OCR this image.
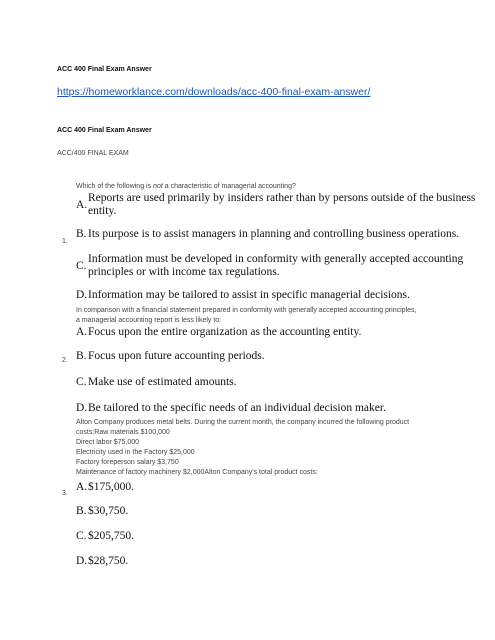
ACC 400 Final Exam Answer
https://homeworklance.com/downloads/acc-400-final-exam-answer/
ACC 400 Final Exam Answer
ACC/400 FINAL EXAM
Which of the following is not a characteristic of managerial accounting?
1.
A.
Reports are used primarily by insiders rather than by persons outside of the business
entity.
B.Its purpose is to assist managers in planning and controlling business operations.
C.
Information must be developed in conformity with generally accepted accounting
principles or with income tax regulations.
D.Information may be tailored to assist in specific managerial decisions.
In comparison with a financial statement prepared in conformity with generally accepted accounting principles,
a managerial accounting report is less likely to:
2.
A.Focus upon the entire organization as the accounting entity.
B.Focus upon future accounting periods.
C.Make use of estimated amounts.
D.Be tailored to the specific needs of an individual decision maker.
Alton Company produces metal belts. During the current month, the company incurred the following product
costs:Raw materials $100,000
Direct labor $75,000
Electricity used in the Factory $25,000
Factory foreperson salary $3,750
Maintenance of factory machinery $2,000Alton Company's total product costs:
3.
A.$175,000.
B.$30,750.
C.$205,750.
D.$28,750.
